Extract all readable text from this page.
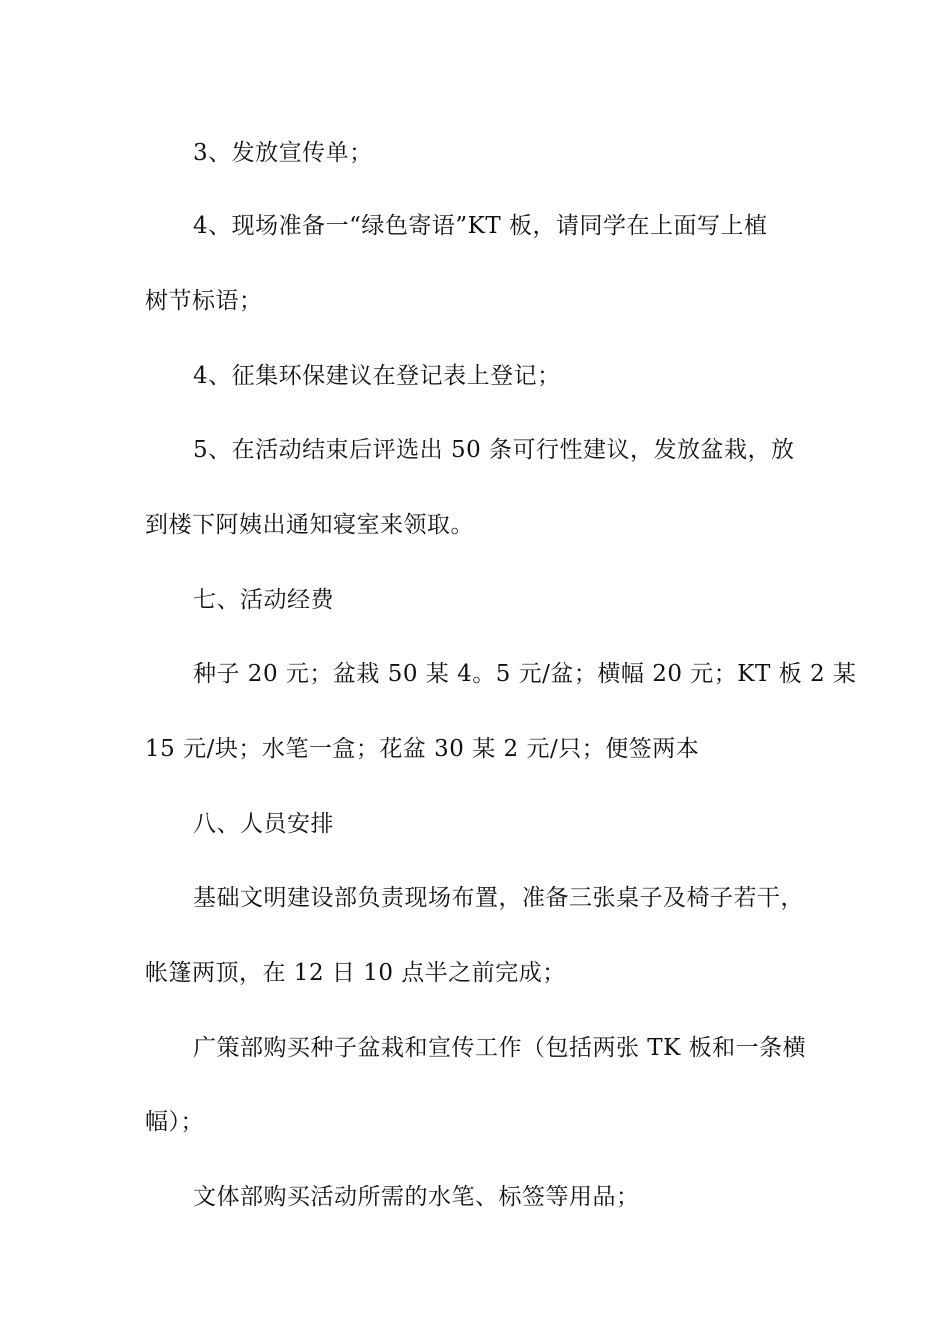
3、发放宣传单；
4、现场准备一“绿色寄语”KT 板，请同学在上面写上植
树节标语；
4、征集环保建议在登记表上登记；
5、在活动结束后评选出 50 条可行性建议，发放盆栽，放
到楼下阿姨出通知寝室来领取。
七、活动经费
种子 20 元；盆栽 50 某 4。5 元/盆；横幅 20 元；KT 板 2 某
15 元/块；水笔一盒；花盆 30 某 2 元/只；便签两本
八、人员安排
基础文明建设部负责现场布置，准备三张桌子及椅子若干，
帐篷两顶，在 12 日 10 点半之前完成；
广策部购买种子盆栽和宣传工作（包括两张 TK 板和一条横
幅）；
文体部购买活动所需的水笔、标签等用品；
